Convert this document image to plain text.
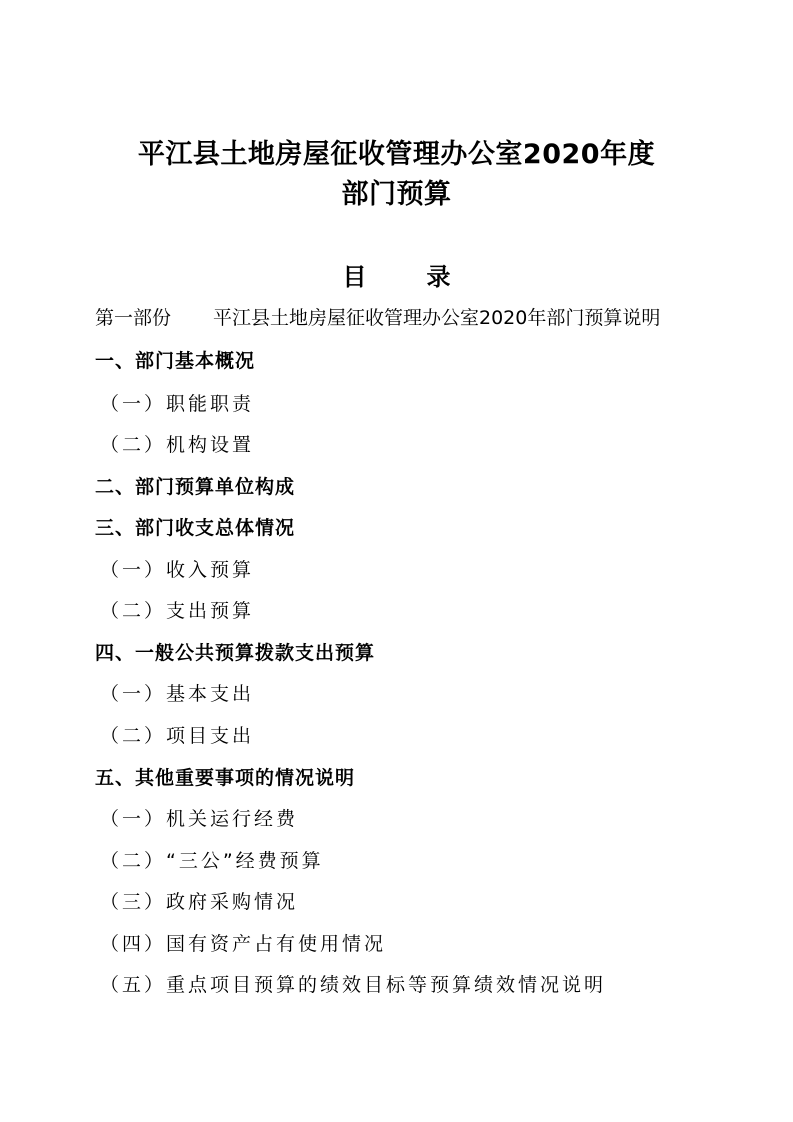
平江县土地房屋征收管理办公室2020年度
部门预算
目　录
第一部份 平江县土地房屋征收管理办公室2020年部门预算说明
一、部门基本概况
（一）职能职责
（二）机构设置
二、部门预算单位构成
三、部门收支总体情况
（一）收入预算
（二）支出预算
四、一般公共预算拨款支出预算
（一）基本支出
（二）项目支出
五、其他重要事项的情况说明
（一）机关运行经费
（二）“三公”经费预算
（三）政府采购情况
（四）国有资产占有使用情况
（五）重点项目预算的绩效目标等预算绩效情况说明
